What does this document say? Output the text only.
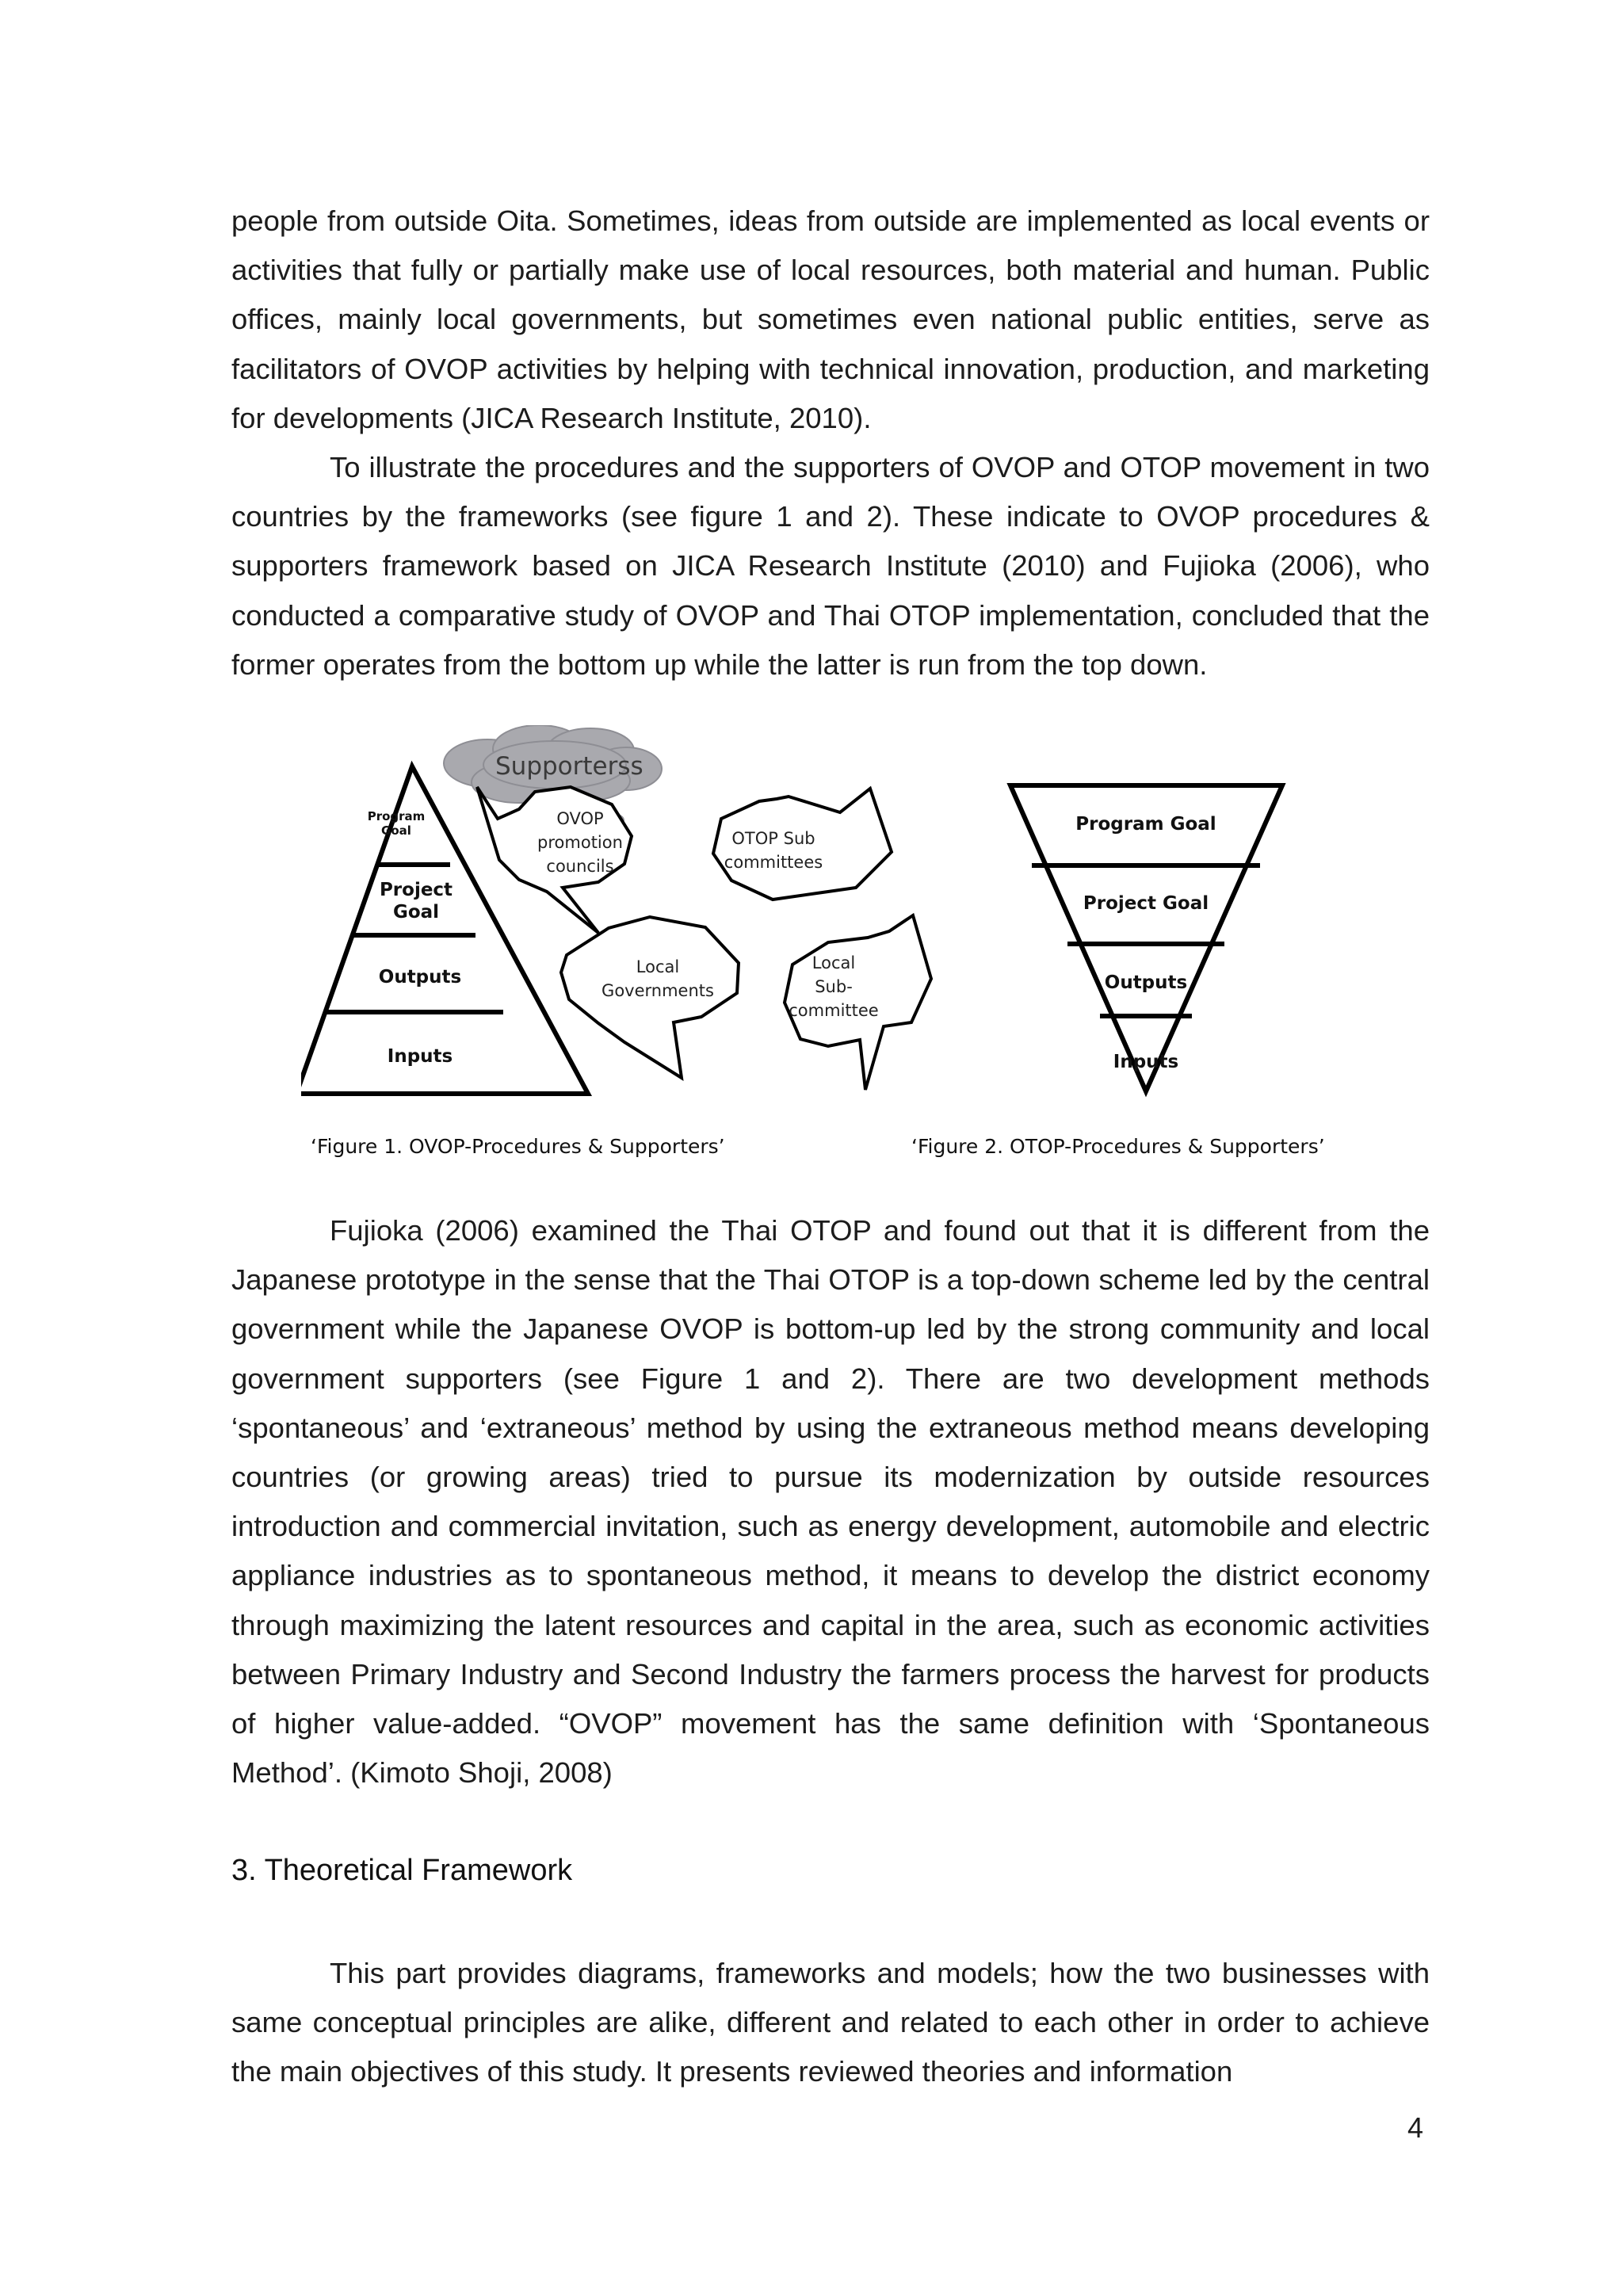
people from outside Oita. Sometimes, ideas from outside are implemented as local events or activities that fully or partially make use of local resources, both material and human. Public offices, mainly local governments, but sometimes even national public entities, serve as facilitators of OVOP activities by helping with technical innovation, production, and marketing for developments (JICA Research Institute, 2010).

To illustrate the procedures and the supporters of OVOP and OTOP movement in two countries by the frameworks (see figure 1 and 2). These indicate to OVOP procedures & supporters framework based on JICA Research Institute (2010) and Fujioka (2006), who conducted a comparative study of OVOP and Thai OTOP implementation, concluded that the former operates from the bottom up while the latter is run from the top down.

Supporterss
Program
Goal
Project
Goal
Outputs
Inputs
OVOP
promotion
councils
Local
Governments
OTOP Sub
committees
Local
Sub-
committee
Program Goal
Project Goal
Outputs
Inputs
‘Figure 1. OVOP-Procedures & Supporters’	‘Figure 2. OTOP-Procedures & Supporters’

Fujioka (2006) examined the Thai OTOP and found out that it is different from the Japanese prototype in the sense that the Thai OTOP is a top-down scheme led by the central government while the Japanese OVOP is bottom-up led by the strong community and local government supporters (see Figure 1 and 2). There are two development methods ‘spontaneous’ and ‘extraneous’ method by using the extraneous method means developing countries (or growing areas) tried to pursue its modernization by outside resources introduction and commercial invitation, such as energy development, automobile and electric appliance industries as to spontaneous method, it means to develop the district economy through maximizing the latent resources and capital in the area, such as economic activities between Primary Industry and Second Industry the farmers process the harvest for products of higher value-added. “OVOP” movement has the same definition with ‘Spontaneous Method’. (Kimoto Shoji, 2008)

3. Theoretical Framework

This part provides diagrams, frameworks and models; how the two businesses with same conceptual principles are alike, different and related to each other in order to achieve the main objectives of this study. It presents reviewed theories and information

4
